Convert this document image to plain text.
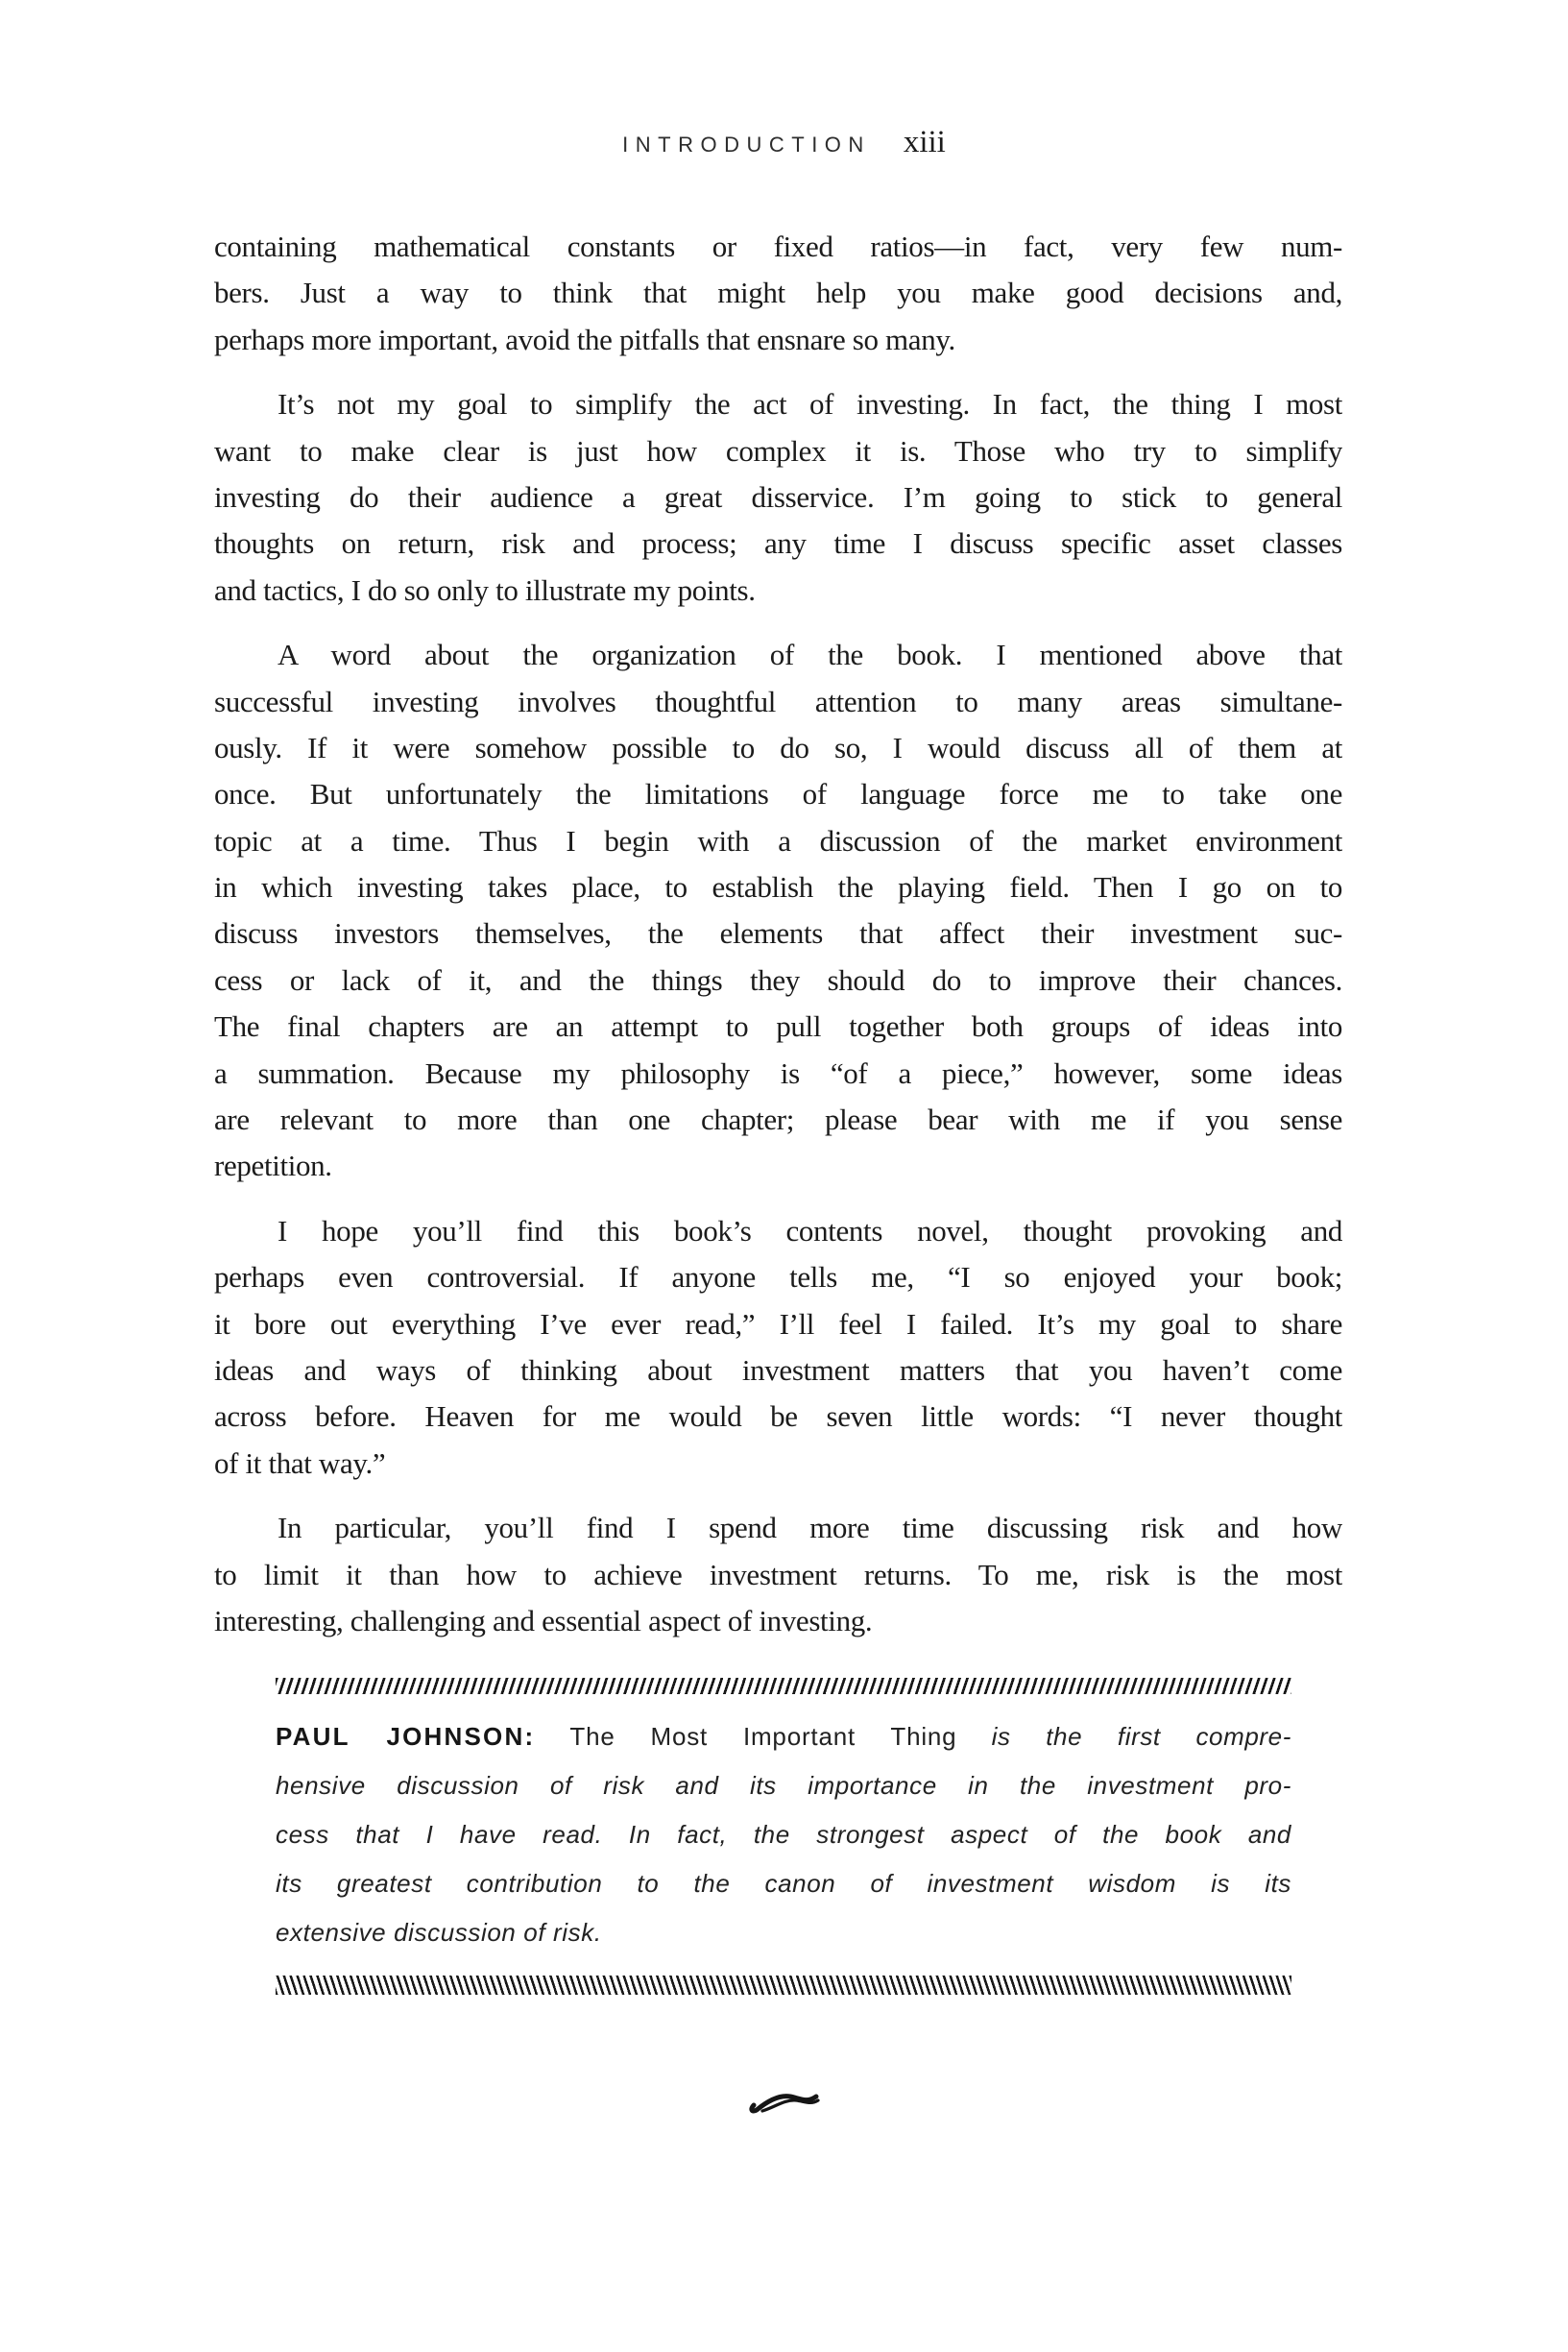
INTRODUCTION xiii
containing mathematical constants or fixed ratios—in fact, very few num-
bers. Just a way to think that might help you make good decisions and,
perhaps more important, avoid the pitfalls that ensnare so many.
It’s not my goal to simplify the act of investing. In fact, the thing I most
want to make clear is just how complex it is. Those who try to simplify
investing do their audience a great disservice. I’m going to stick to general
thoughts on return, risk and process; any time I discuss specific asset classes
and tactics, I do so only to illustrate my points.
A word about the organization of the book. I mentioned above that
successful investing involves thoughtful attention to many areas simultane-
ously. If it were somehow possible to do so, I would discuss all of them at
once. But unfortunately the limitations of language force me to take one
topic at a time. Thus I begin with a discussion of the market environment
in which investing takes place, to establish the playing field. Then I go on to
discuss investors themselves, the elements that affect their investment suc-
cess or lack of it, and the things they should do to improve their chances.
The final chapters are an attempt to pull together both groups of ideas into
a summation. Because my philosophy is “of a piece,” however, some ideas
are relevant to more than one chapter; please bear with me if you sense
repetition.
I hope you’ll find this book’s contents novel, thought provoking and
perhaps even controversial. If anyone tells me, “I so enjoyed your book;
it bore out everything I’ve ever read,” I’ll feel I failed. It’s my goal to share
ideas and ways of thinking about investment matters that you haven’t come
across before. Heaven for me would be seven little words: “I never thought
of it that way.”
In particular, you’ll find I spend more time discussing risk and how
to limit it than how to achieve investment returns. To me, risk is the most
interesting, challenging and essential aspect of investing.
PAUL JOHNSON: The Most Important Thing is the first compre-
hensive discussion of risk and its importance in the investment pro-
cess that I have read. In fact, the strongest aspect of the book and
its greatest contribution to the canon of investment wisdom is its
extensive discussion of risk.
